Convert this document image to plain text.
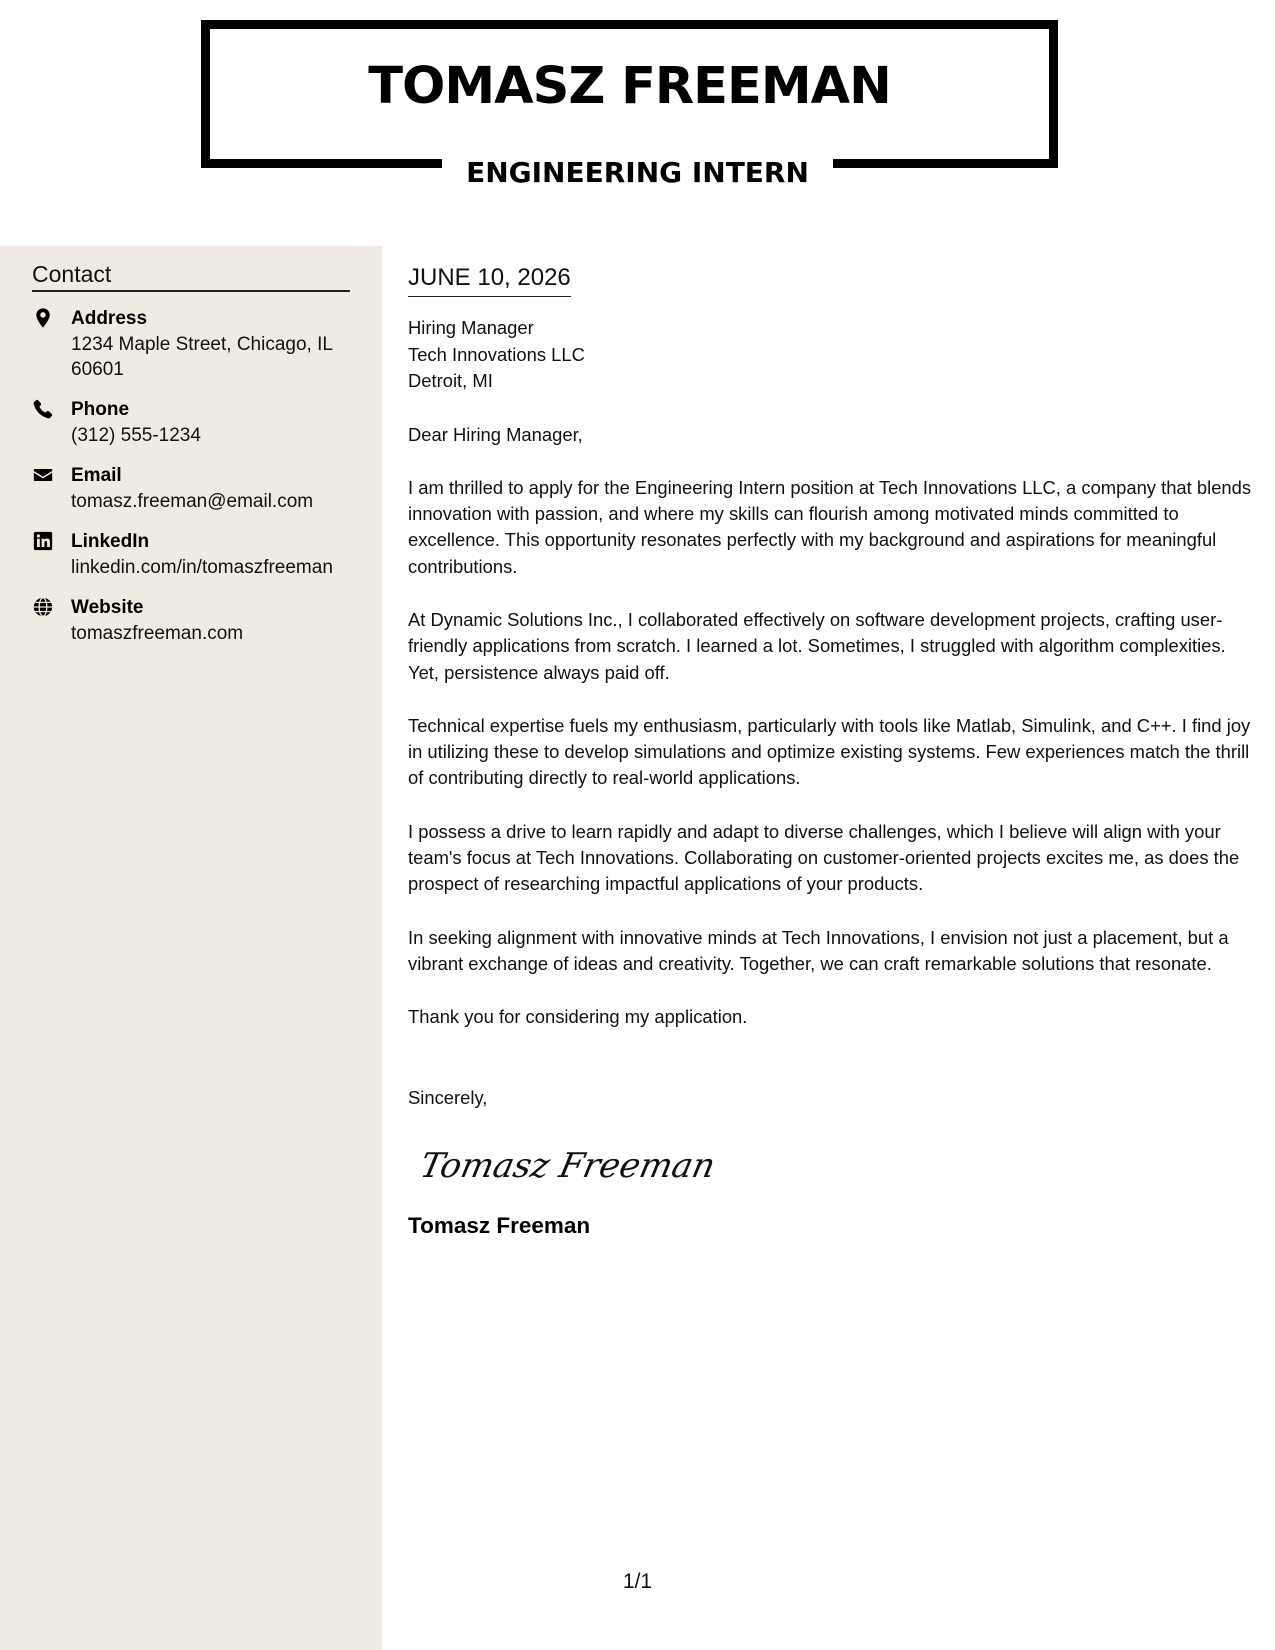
TOMASZ FREEMAN
ENGINEERING INTERN
Contact
Address
1234 Maple Street, Chicago, IL 60601
Phone
(312) 555-1234
Email
tomasz.freeman@email.com
LinkedIn
linkedin.com/in/tomaszfreeman
Website
tomaszfreeman.com
JUNE 10, 2026
Hiring Manager
Tech Innovations LLC
Detroit, MI
Dear Hiring Manager,
I am thrilled to apply for the Engineering Intern position at Tech Innovations LLC, a company that blends innovation with passion, and where my skills can flourish among motivated minds committed to excellence. This opportunity resonates perfectly with my background and aspirations for meaningful contributions.
At Dynamic Solutions Inc., I collaborated effectively on software development projects, crafting user-friendly applications from scratch. I learned a lot. Sometimes, I struggled with algorithm complexities. Yet, persistence always paid off.
Technical expertise fuels my enthusiasm, particularly with tools like Matlab, Simulink, and C++. I find joy in utilizing these to develop simulations and optimize existing systems. Few experiences match the thrill of contributing directly to real-world applications.
I possess a drive to learn rapidly and adapt to diverse challenges, which I believe will align with your team's focus at Tech Innovations. Collaborating on customer-oriented projects excites me, as does the prospect of researching impactful applications of your products.
In seeking alignment with innovative minds at Tech Innovations, I envision not just a placement, but a vibrant exchange of ideas and creativity. Together, we can craft remarkable solutions that resonate.
Thank you for considering my application.
Sincerely,
Tomasz Freeman
Tomasz Freeman
1/1
